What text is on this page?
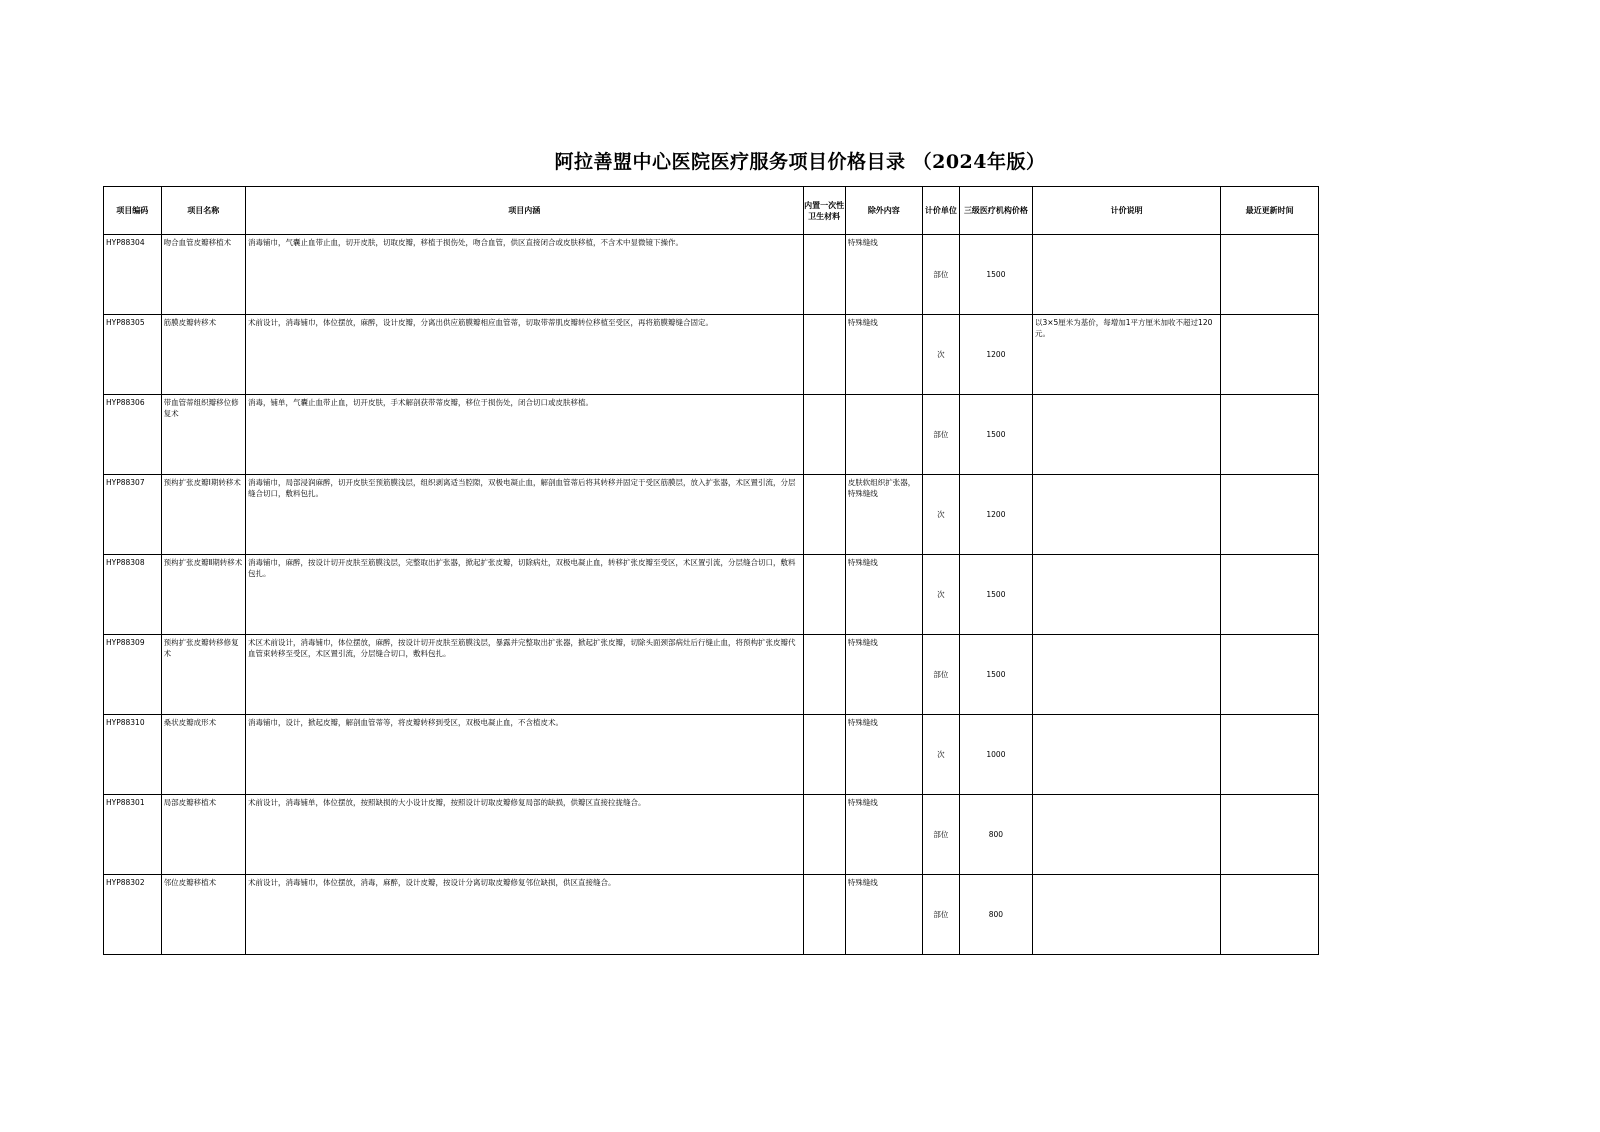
阿拉善盟中心医院医疗服务项目价格目录 （2024年版）
项目编码	项目名称	项目内涵	内置一次性卫生材料	除外内容	计价单位	三级医疗机构价格	计价说明	最近更新时间
HYP88304	吻合血管皮瓣移植术	消毒铺巾，气囊止血带止血，切开皮肤，切取皮瓣，移植于损伤处，吻合血管，供区直接闭合或皮肤移植，不含术中显微镜下操作。		特殊缝线	部位	1500		
HYP88305	筋膜皮瓣转移术	术前设计，消毒铺巾，体位摆放，麻醉，设计皮瓣，分离出供应筋膜瓣相应血管蒂，切取带蒂肌皮瓣转位移植至受区，再将筋膜瓣缝合固定。		特殊缝线	次	1200	以3×5厘米为基价，每增加1平方厘米加收不超过120元。	
HYP88306	带血管蒂组织瓣移位修复术	消毒，铺单，气囊止血带止血，切开皮肤，手术解剖获带蒂皮瓣，移位于损伤处，闭合切口或皮肤移植。			部位	1500		
HYP88307	预构扩张皮瓣Ⅰ期转移术	消毒铺巾，局部浸润麻醉，切开皮肤至预筋膜浅层，组织剥离适当腔隙，双极电凝止血，解剖血管蒂后将其转移并固定于受区筋膜层，放入扩张器，术区置引流，分层缝合切口，敷料包扎。		皮肤软组织扩张器，特殊缝线	次	1200		
HYP88308	预构扩张皮瓣Ⅱ期转移术	消毒铺巾，麻醉，按设计切开皮肤至筋膜浅层，完整取出扩张器，掀起扩张皮瓣，切除病灶，双极电凝止血，转移扩张皮瓣至受区，术区置引流，分层缝合切口，敷料包扎。		特殊缝线	次	1500		
HYP88309	预构扩张皮瓣转移修复术	术区术前设计，消毒铺巾，体位摆放，麻醉，按设计切开皮肤至筋膜浅层，暴露并完整取出扩张器，掀起扩张皮瓣，切除头面颈部病灶后行缝止血，将预构扩张皮瓣代血管束转移至受区，术区置引流，分层缝合切口，敷料包扎。		特殊缝线	部位	1500		
HYP88310	桑状皮瓣成形术	消毒铺巾，设计，掀起皮瓣，解剖血管蒂等，将皮瓣转移到受区，双极电凝止血，不含植皮术。		特殊缝线	次	1000		
HYP88301	局部皮瓣移植术	术前设计，消毒铺单，体位摆放，按照缺损的大小设计皮瓣，按照设计切取皮瓣修复局部的缺损，供瓣区直接拉拢缝合。		特殊缝线	部位	800		
HYP88302	邻位皮瓣移植术	术前设计，消毒铺巾，体位摆放，消毒，麻醉，设计皮瓣，按设计分离切取皮瓣修复邻位缺损，供区直接缝合。		特殊缝线	部位	800		
